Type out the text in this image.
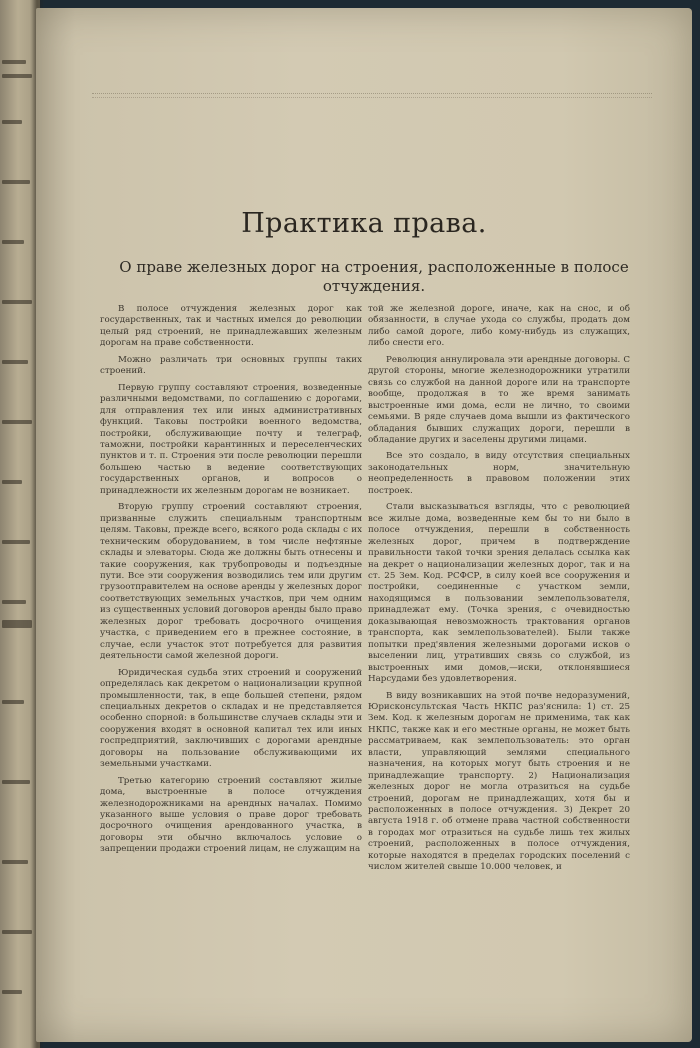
Практика права.
О праве железных дорог на строения, расположенные в полосе отчуждения.

В полосе отчуждения железных дорог как государственных, так и частных имелся до революции целый ряд строений, не принадлежавших железным дорогам на праве собственности.

Можно различать три основных группы таких строений.

Первую группу составляют строения, возведенные различными ведомствами, по соглашению с дорогами, для отправления тех или иных административных функций. Таковы постройки военного ведомства, постройки, обслуживающие почту и телеграф, таможни, постройки карантинных и переселенческих пунктов и т. п. Строения эти после революции перешли большею частью в ведение соответствующих государственных органов, и вопросов о принадлежности их железным дорогам не возникает.

Вторую группу строений составляют строения, призванные служить специальным транспортным целям. Таковы, прежде всего, всякого рода склады с их техническим оборудованием, в том числе нефтяные склады и элеваторы. Сюда же должны быть отнесены и такие сооружения, как трубопроводы и подъездные пути. Все эти сооружения возводились тем или другим грузоотправителем на основе аренды у железных дорог соответствующих земельных участков, при чем одним из существенных условий договоров аренды было право железных дорог требовать досрочного очищения участка, с приведением его в прежнее состояние, в случае, если участок этот потребуется для развития деятельности самой железной дороги.

Юридическая судьба этих строений и сооружений определялась как декретом о национализации крупной промышленности, так, в еще большей степени, рядом специальных декретов о складах и не представляется особенно спорной: в большинстве случаев склады эти и сооружения входят в основной капитал тех или иных госпредприятий, заключивших с дорогами арендные договоры на пользование обслуживающими их земельными участками.

Третью категорию строений составляют жилые дома, выстроенные в полосе отчуждения железнодорожниками на арендных началах. Помимо указанного выше условия о праве дорог требовать досрочного очищения арендованного участка, в договоры эти обычно включалось условие о запрещении продажи строений лицам, не служащим на

той же железной дороге, иначе, как на снос, и об обязанности, в случае ухода со службы, продать дом либо самой дороге, либо кому-нибудь из служащих, либо снести его.

Революция аннулировала эти арендные договоры. С другой стороны, многие железнодорожники утратили связь со службой на данной дороге или на транспорте вообще, продолжая в то же время занимать выстроенные ими дома, если не лично, то своими семьями. В ряде случаев дома вышли из фактического обладания бывших служащих дороги, перешли в обладание других и заселены другими лицами.

Все это создало, в виду отсутствия специальных законодательных норм, значительную неопределенность в правовом положении этих построек.

Стали высказываться взгляды, что с революцией все жилые дома, возведенные кем бы то ни было в полосе отчуждения, перешли в собственность железных дорог, причем в подтверждение правильности такой точки зрения делалась ссылка как на декрет о национализации железных дорог, так и на ст. 25 Зем. Код. РСФСР, в силу коей все сооружения и постройки, соединенные с участком земли, находящимся в пользовании землепользователя, принадлежат ему. (Точка зрения, с очевидностью доказывающая невозможность трактования органов транспорта, как землепользователей). Были также попытки пред'явления железными дорогами исков о выселении лиц, утративших связь со службой, из выстроенных ими домов,—иски, отклонявшиеся Нарсудами без удовлетворения.

В виду возникавших на этой почве недоразумений, Юрисконсультская Часть НКПС раз'яснила: 1) ст. 25 Зем. Код. к железным дорогам не применима, так как НКПС, также как и его местные органы, не может быть рассматриваем, как землепользователь: это орган власти, управляющий землями специального назначения, на которых могут быть строения и не принадлежащие транспорту. 2) Национализация железных дорог не могла отразиться на судьбе строений, дорогам не принадлежащих, хотя бы и расположенных в полосе отчуждения. 3) Декрет 20 августа 1918 г. об отмене права частной собственности в городах мог отразиться на судьбе лишь тех жилых строений, расположенных в полосе отчуждения, которые находятся в пределах городских поселений с числом жителей свыше 10.000 человек, и
